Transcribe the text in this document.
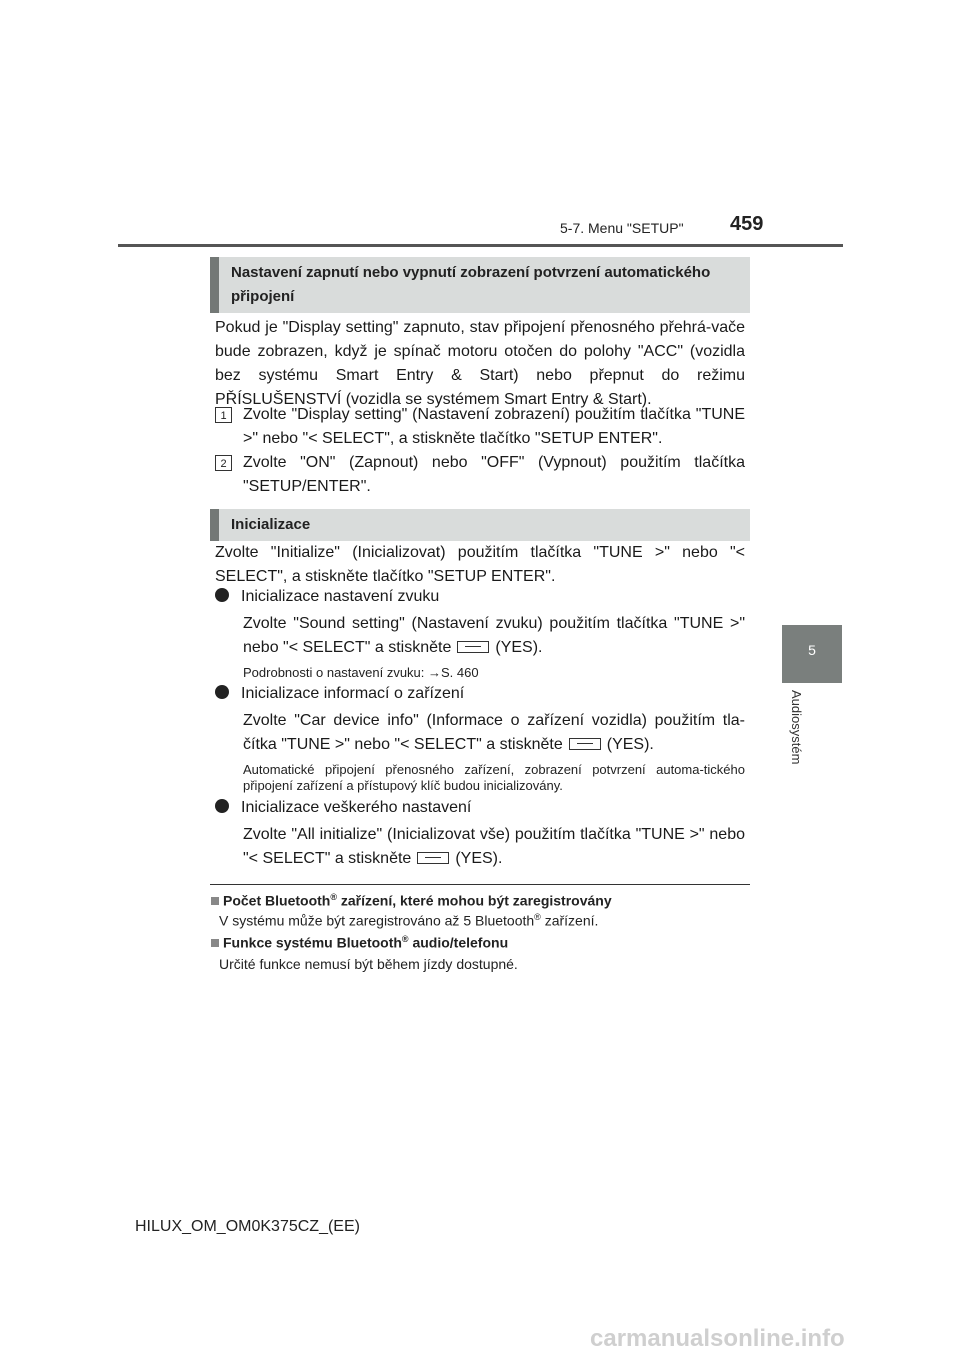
5-7. Menu "SETUP" 459
5
Audiosystém
Nastavení zapnutí nebo vypnutí zobrazení potvrzení automatického připojení
Pokud je "Display setting" zapnuto, stav připojení přenosného přehrá-vače bude zobrazen, když je spínač motoru otočen do polohy "ACC" (vozidla bez systému Smart Entry & Start) nebo přepnut do režimu PŘÍSLUŠENSTVÍ (vozidla se systémem Smart Entry & Start).
1	Zvolte "Display setting" (Nastavení zobrazení) použitím tlačítka "TUNE >" nebo "< SELECT", a stiskněte tlačítko "SETUP ENTER".
2	Zvolte "ON" (Zapnout) nebo "OFF" (Vypnout) použitím tlačítka "SETUP/ENTER".
Inicializace
Zvolte "Initialize" (Inicializovat) použitím tlačítka "TUNE >" nebo "< SELECT", a stiskněte tlačítko "SETUP ENTER".
Inicializace nastavení zvuku
Zvolte "Sound setting" (Nastavení zvuku) použitím tlačítka "TUNE >" nebo "< SELECT" a stiskněte	(YES).
Podrobnosti o nastavení zvuku: →S. 460
Inicializace informací o zařízení
Zvolte "Car device info" (Informace o zařízení vozidla) použitím tla-čítka "TUNE >" nebo "< SELECT" a stiskněte	(YES).
Automatické připojení přenosného zařízení, zobrazení potvrzení automa-tického připojení zařízení a přístupový klíč budou inicializovány.
Inicializace veškerého nastavení
Zvolte "All initialize" (Inicializovat vše) použitím tlačítka "TUNE >" nebo "< SELECT" a stiskněte	(YES).
Počet Bluetooth® zařízení, které mohou být zaregistrovány
V systému může být zaregistrováno až 5 Bluetooth® zařízení.
Funkce systému Bluetooth® audio/telefonu
Určité funkce nemusí být během jízdy dostupné.
HILUX_OM_OM0K375CZ_(EE)
carmanualsonline.info
